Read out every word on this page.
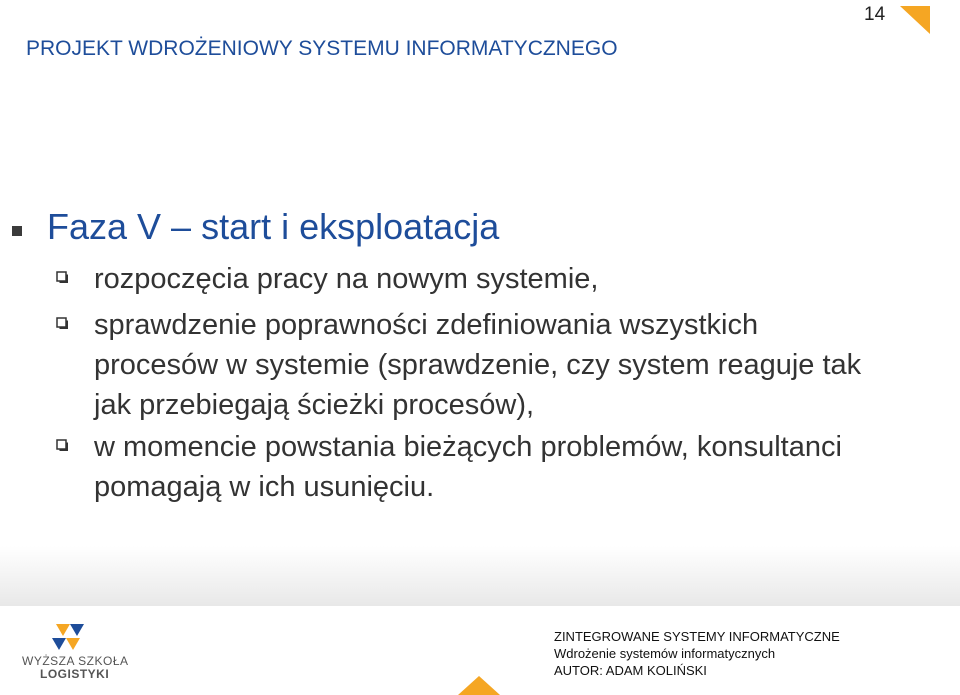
PROJEKT WDROŻENIOWY SYSTEMU INFORMATYCZNEGO
14
Faza V – start i eksploatacja
rozpoczęcia pracy na nowym systemie,
sprawdzenie poprawności zdefiniowania wszystkich
procesów w systemie (sprawdzenie, czy system reaguje tak
jak przebiegają ścieżki procesów),
w momencie powstania bieżących problemów, konsultanci
pomagają w ich usunięciu.
WYŻSZA SZKOŁA
LOGISTYKI
ZINTEGROWANE SYSTEMY INFORMATYCZNE
Wdrożenie systemów informatycznych
AUTOR: ADAM KOLIŃSKI
